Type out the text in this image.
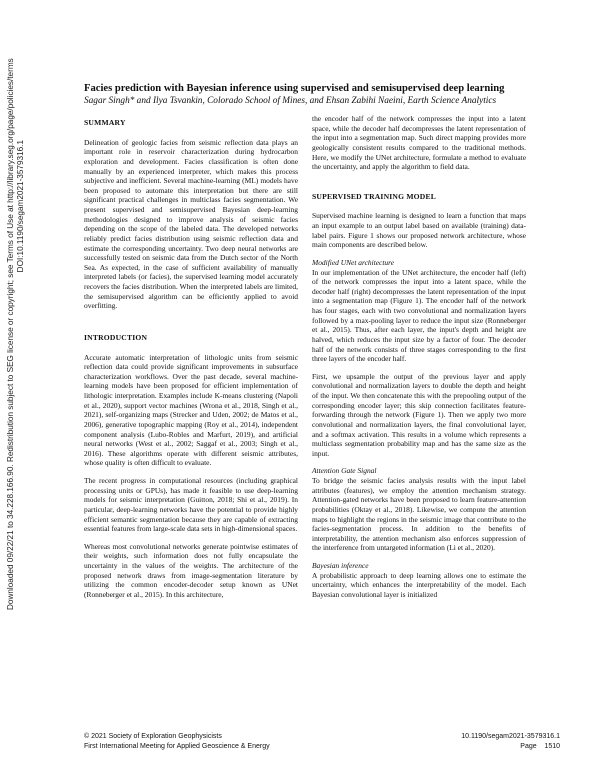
Downloaded 09/22/21 to 34.228.166.90. Redistribution subject to SEG license or copyright; see Terms of Use at http://library.seg.org/page/policies/terms DOI:10.1190/segam2021-3579316.1
Facies prediction with Bayesian inference using supervised and semisupervised deep learning
Sagar Singh* and Ilya Tsvankin, Colorado School of Mines, and Ehsan Zabihi Naeini, Earth Science Analytics
SUMMARY

Delineation of geologic facies from seismic reflection data plays an important role in reservoir characterization during hydrocarbon exploration and development. Facies classification is often done manually by an experienced interpreter, which makes this process subjective and inefficient. Several machine-learning (ML) models have been proposed to automate this interpretation but there are still significant practical challenges in multiclass facies segmentation. We present supervised and semisupervised Bayesian deep-learning methodologies designed to improve analysis of seismic facies depending on the scope of the labeled data. The developed networks reliably predict facies distribution using seismic reflection data and estimate the corresponding uncertainty. Two deep neural networks are successfully tested on seismic data from the Dutch sector of the North Sea. As expected, in the case of sufficient availability of manually interpreted labels (or facies), the supervised learning model accurately recovers the facies distribution. When the interpreted labels are limited, the semisupervised algorithm can be efficiently applied to avoid overfitting.

INTRODUCTION

Accurate automatic interpretation of lithologic units from seismic reflection data could provide significant improvements in subsurface characterization workflows. Over the past decade, several machine-learning models have been proposed for efficient implementation of lithologic interpretation. Examples include K-means clustering (Napoli et al., 2020), support vector machines (Wrona et al., 2018, Singh et al., 2021), self-organizing maps (Strecker and Uden, 2002; de Matos et al., 2006), generative topographic mapping (Roy et al., 2014), independent component analysis (Lubo-Robles and Marfurt, 2019), and artificial neural networks (West et al., 2002; Saggaf et al., 2003; Singh et al., 2016). These algorithms operate with different seismic attributes, whose quality is often difficult to evaluate.

The recent progress in computational resources (including graphical processing units or GPUs), has made it feasible to use deep-learning models for seismic interpretation (Guitton, 2018; Shi et al., 2019). In particular, deep-learning networks have the potential to provide highly efficient semantic segmentation because they are capable of extracting essential features from large-scale data sets in high-dimensional spaces.

Whereas most convolutional networks generate pointwise estimates of their weights, such information does not fully encapsulate the uncertainty in the values of the weights. The architecture of the proposed network draws from image-segmentation literature by utilizing the common encoder-decoder setup known as UNet (Ronneberger et al., 2015). In this architecture,

the encoder half of the network compresses the input into a latent space, while the decoder half decompresses the latent representation of the input into a segmentation map. Such direct mapping provides more geologically consistent results compared to the traditional methods. Here, we modify the UNet architecture, formulate a method to evaluate the uncertainty, and apply the algorithm to field data.

SUPERVISED TRAINING MODEL

Supervised machine learning is designed to learn a function that maps an input example to an output label based on available (training) data-label pairs. Figure 1 shows our proposed network architecture, whose main components are described below.

Modified UNet architecture

In our implementation of the UNet architecture, the encoder half (left) of the network compresses the input into a latent space, while the decoder half (right) decompresses the latent representation of the input into a segmentation map (Figure 1). The encoder half of the network has four stages, each with two convolutional and normalization layers followed by a max-pooling layer to reduce the input size (Ronneberger et al., 2015). Thus, after each layer, the input's depth and height are halved, which reduces the input size by a factor of four. The decoder half of the network consists of three stages corresponding to the first three layers of the encoder half.

First, we upsample the output of the previous layer and apply convolutional and normalization layers to double the depth and height of the input. We then concatenate this with the prepooling output of the corresponding encoder layer; this skip connection facilitates feature-forwarding through the network (Figure 1). Then we apply two more convolutional and normalization layers, the final convolutional layer, and a softmax activation. This results in a volume which represents a multiclass segmentation probability map and has the same size as the input.

Attention Gate Signal

To bridge the seismic facies analysis results with the input label attributes (features), we employ the attention mechanism strategy. Attention-gated networks have been proposed to learn feature-attention probabilities (Oktay et al., 2018). Likewise, we compute the attention maps to highlight the regions in the seismic image that contribute to the facies-segmentation process. In addition to the benefits of interpretability, the attention mechanism also enforces suppression of the interference from untargeted information (Li et al., 2020).

Bayesian inference

A probabilistic approach to deep learning allows one to estimate the uncertainty, which enhances the interpretability of the model. Each Bayesian convolutional layer is initialized

© 2021 Society of Exploration Geophysicists
First International Meeting for Applied Geoscience & Energy
10.1190/segam2021-3579316.1
Page 1510
